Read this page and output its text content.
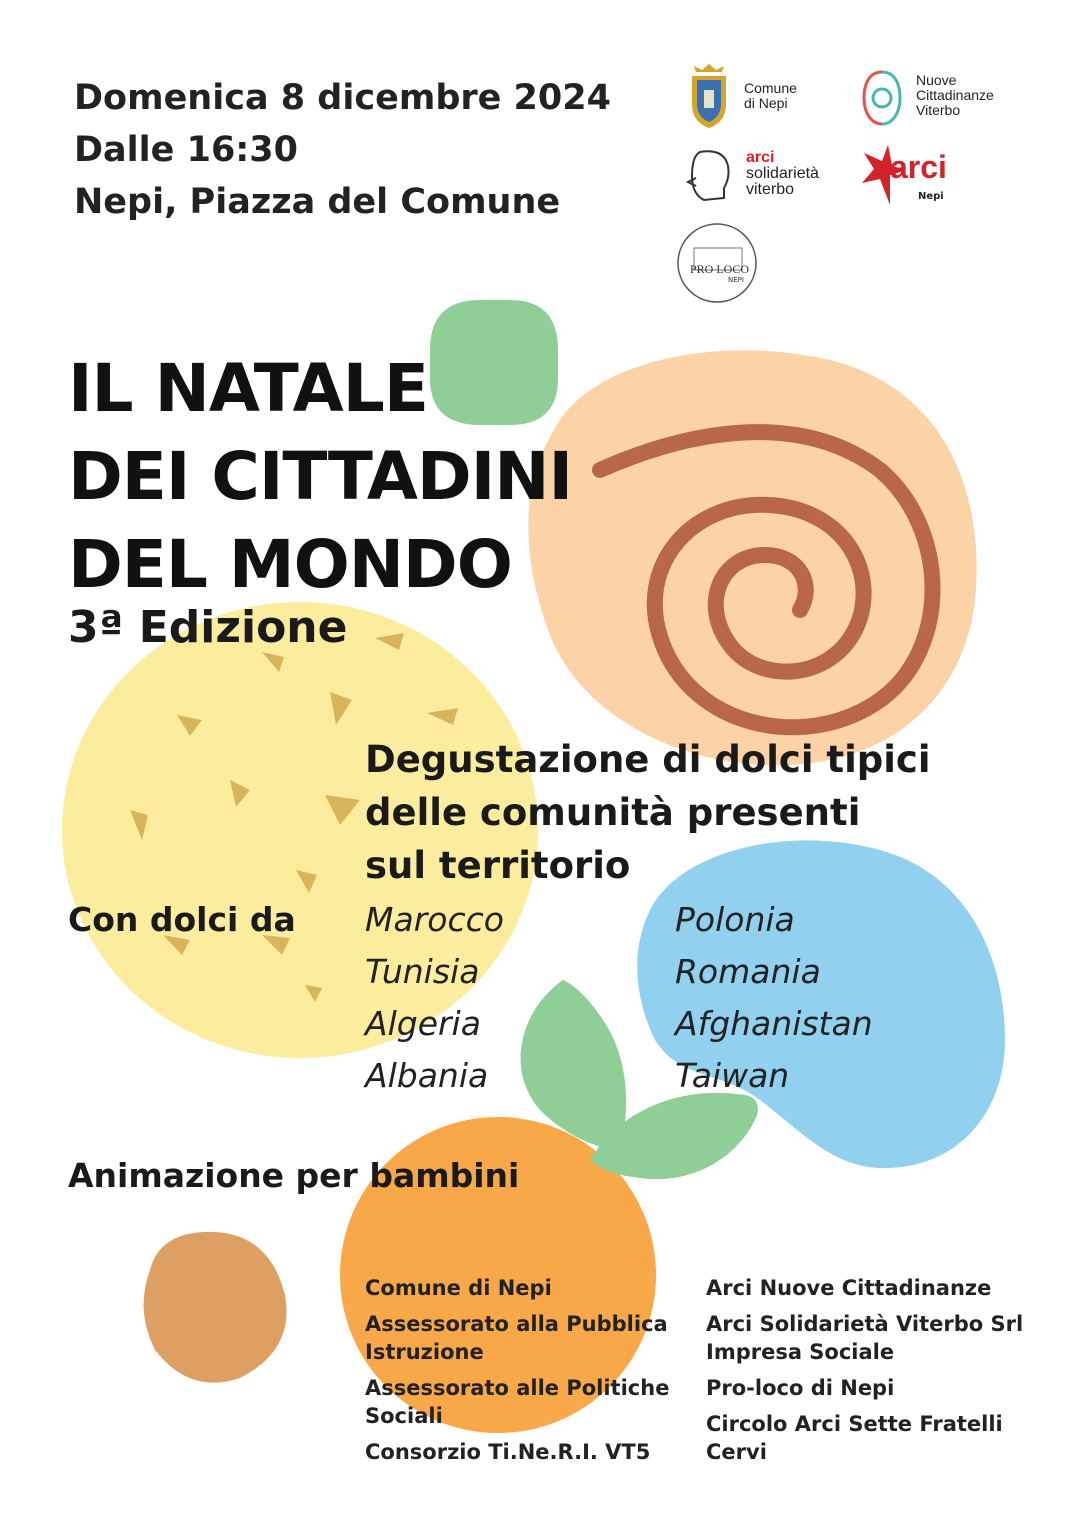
Domenica 8 dicembre 2024
Dalle 16:30
Nepi, Piazza del Comune
Comune
di Nepi
Nuove
Cittadinanze
Viterbo
arci
solidarietà
viterbo
arci
Nepi
PRO LOCO
NEPI
IL NATALE
DEI CITTADINI
DEL MONDO
3ª Edizione
Degustazione di dolci tipici
delle comunità presenti
sul territorio
Con dolci da Marocco
Tunisia
Algeria
Albania
Polonia
Romania
Afghanistan
Taiwan
Animazione per bambini
Comune di Nepi
Assessorato alla Pubblica Istruzione
Assessorato alle Politiche Sociali
Consorzio Ti.Ne.R.I. VT5
Arci Nuove Cittadinanze
Arci Solidarietà Viterbo Srl Impresa Sociale
Pro-loco di Nepi
Circolo Arci Sette Fratelli Cervi
